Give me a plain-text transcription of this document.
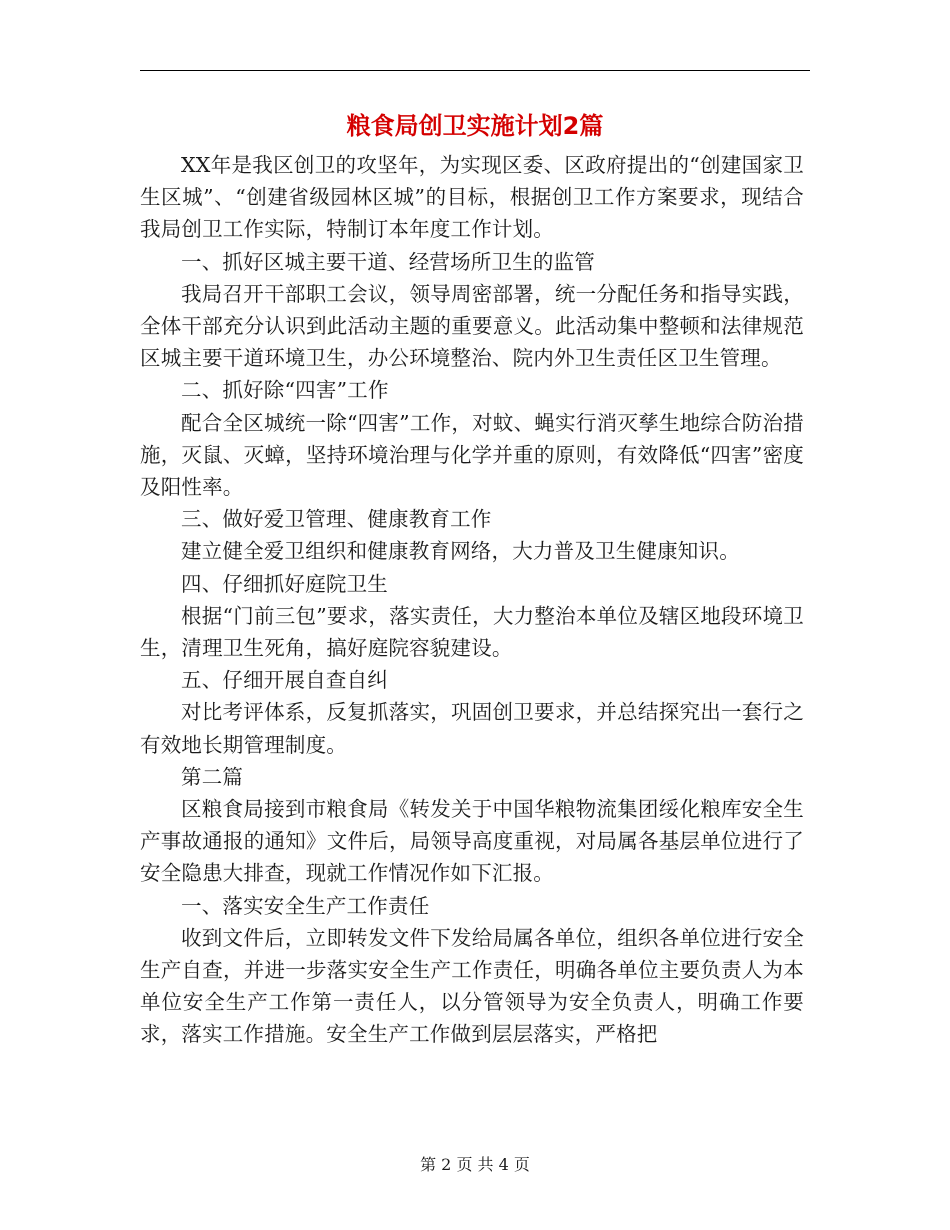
粮食局创卫实施计划2篇

XX年是我区创卫的攻坚年，为实现区委、区政府提出的“创建国家卫生区城”、“创建省级园林区城”的目标，根据创卫工作方案要求，现结合我局创卫工作实际，特制订本年度工作计划。

一、抓好区城主要干道、经营场所卫生的监管

我局召开干部职工会议，领导周密部署，统一分配任务和指导实践，全体干部充分认识到此活动主题的重要意义。此活动集中整顿和法律规范区城主要干道环境卫生，办公环境整治、院内外卫生责任区卫生管理。

二、抓好除“四害”工作

配合全区城统一除“四害”工作，对蚊、蝇实行消灭孳生地综合防治措施，灭鼠、灭蟑，坚持环境治理与化学并重的原则，有效降低“四害”密度及阳性率。

三、做好爱卫管理、健康教育工作

建立健全爱卫组织和健康教育网络，大力普及卫生健康知识。

四、仔细抓好庭院卫生

根据“门前三包”要求，落实责任，大力整治本单位及辖区地段环境卫生，清理卫生死角，搞好庭院容貌建设。

五、仔细开展自查自纠

对比考评体系，反复抓落实，巩固创卫要求，并总结探究出一套行之有效地长期管理制度。

第二篇

区粮食局接到市粮食局《转发关于中国华粮物流集团绥化粮库安全生产事故通报的通知》文件后，局领导高度重视，对局属各基层单位进行了安全隐患大排查，现就工作情况作如下汇报。

一、落实安全生产工作责任

收到文件后，立即转发文件下发给局属各单位，组织各单位进行安全生产自查，并进一步落实安全生产工作责任，明确各单位主要负责人为本单位安全生产工作第一责任人，以分管领导为安全负责人，明确工作要求，落实工作措施。安全生产工作做到层层落实，严格把

第 2 页 共 4 页
